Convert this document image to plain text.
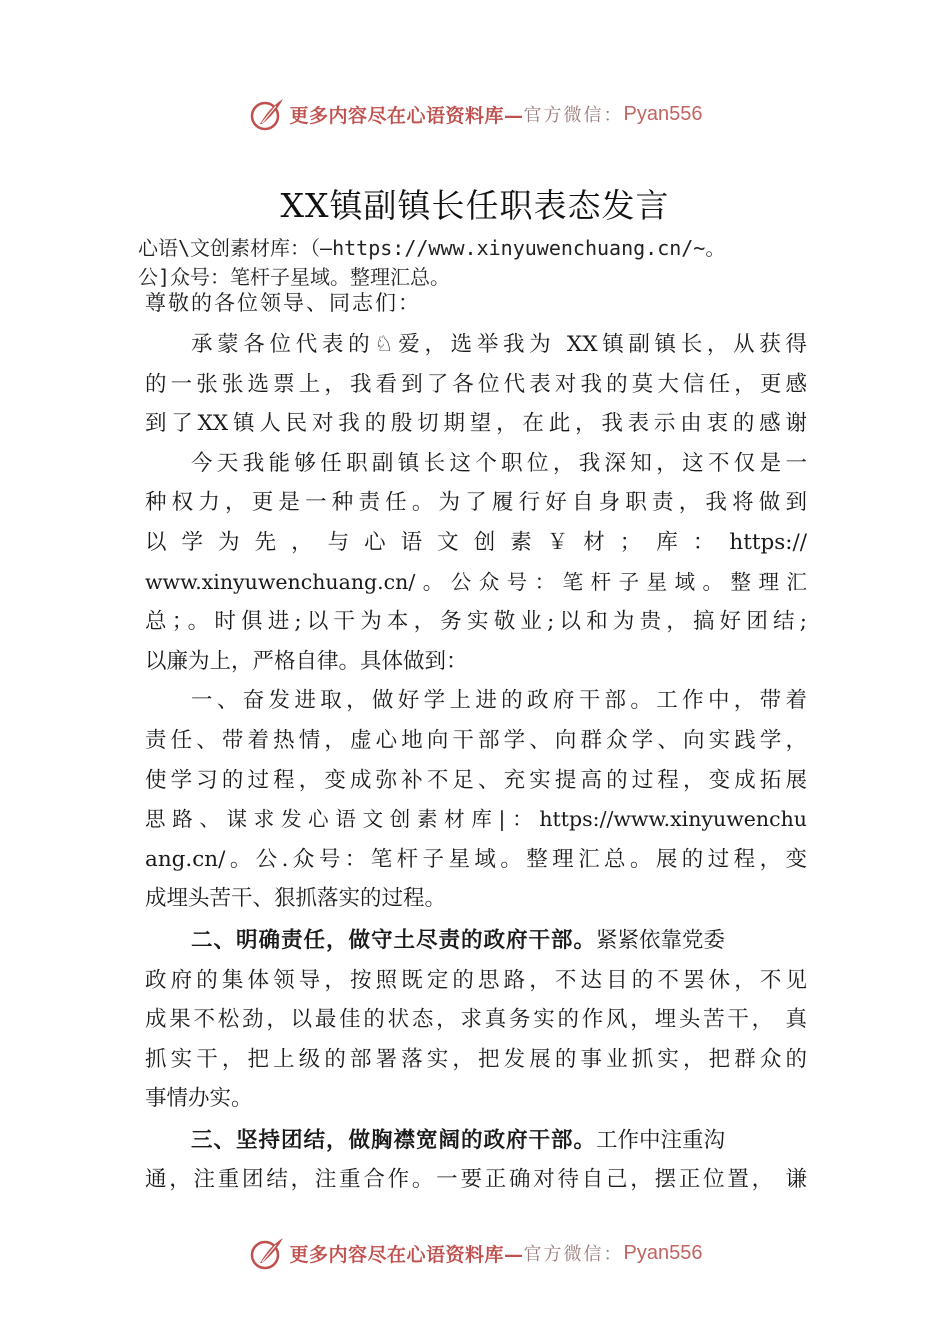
更多内容尽在心语资料库— 官方微信： Pyan556
XX镇副镇长任职表态发言
心语\文创素材库：（—https://www.xinyuwenchuang.cn/~。
公]众号：笔杆子星域。整理汇总。
尊敬的各位领导、同志们：
承蒙各位代表的♘爱，选举我为 XX镇副镇长，从获得
的一张张选票上，我看到了各位代表对我的莫大信任，更感
到了XX镇人民对我的殷切期望，在此，我表示由衷的感谢
今天我能够任职副镇长这个职位，我深知，这不仅是一
种权力，更是一种责任。为了履行好自身职责，我将做到
以学为先，与心语文创素￥材；库：https://
www.xinyuwenchuang.cn/。公众号：笔杆子星域。整理汇
总；。时俱进;以干为本，务实敬业;以和为贵，搞好团结;
以廉为上，严格自律。具体做到：
一、奋发进取，做好学上进的政府干部。工作中，带着
责任、带着热情，虚心地向干部学、向群众学、向实践学，
使学习的过程，变成弥补不足、充实提高的过程，变成拓展
思路、谋求发心语文创素材库|：https://www.xinyuwenchu
ang.cn/。公.众号：笔杆子星域。整理汇总。展的过程，变
成埋头苦干、狠抓落实的过程。
二、明确责任，做守土尽责的政府干部。紧紧依靠党委
政府的集体领导，按照既定的思路，不达目的不罢休，不见
成果不松劲，以最佳的状态，求真务实的作风，埋头苦干， 真
抓实干，把上级的部署落实，把发展的事业抓实，把群众的
事情办实。
三、坚持团结，做胸襟宽阔的政府干部。工作中注重沟
通，注重团结，注重合作。一要正确对待自己，摆正位置， 谦
更多内容尽在心语资料库— 官方微信： Pyan556
